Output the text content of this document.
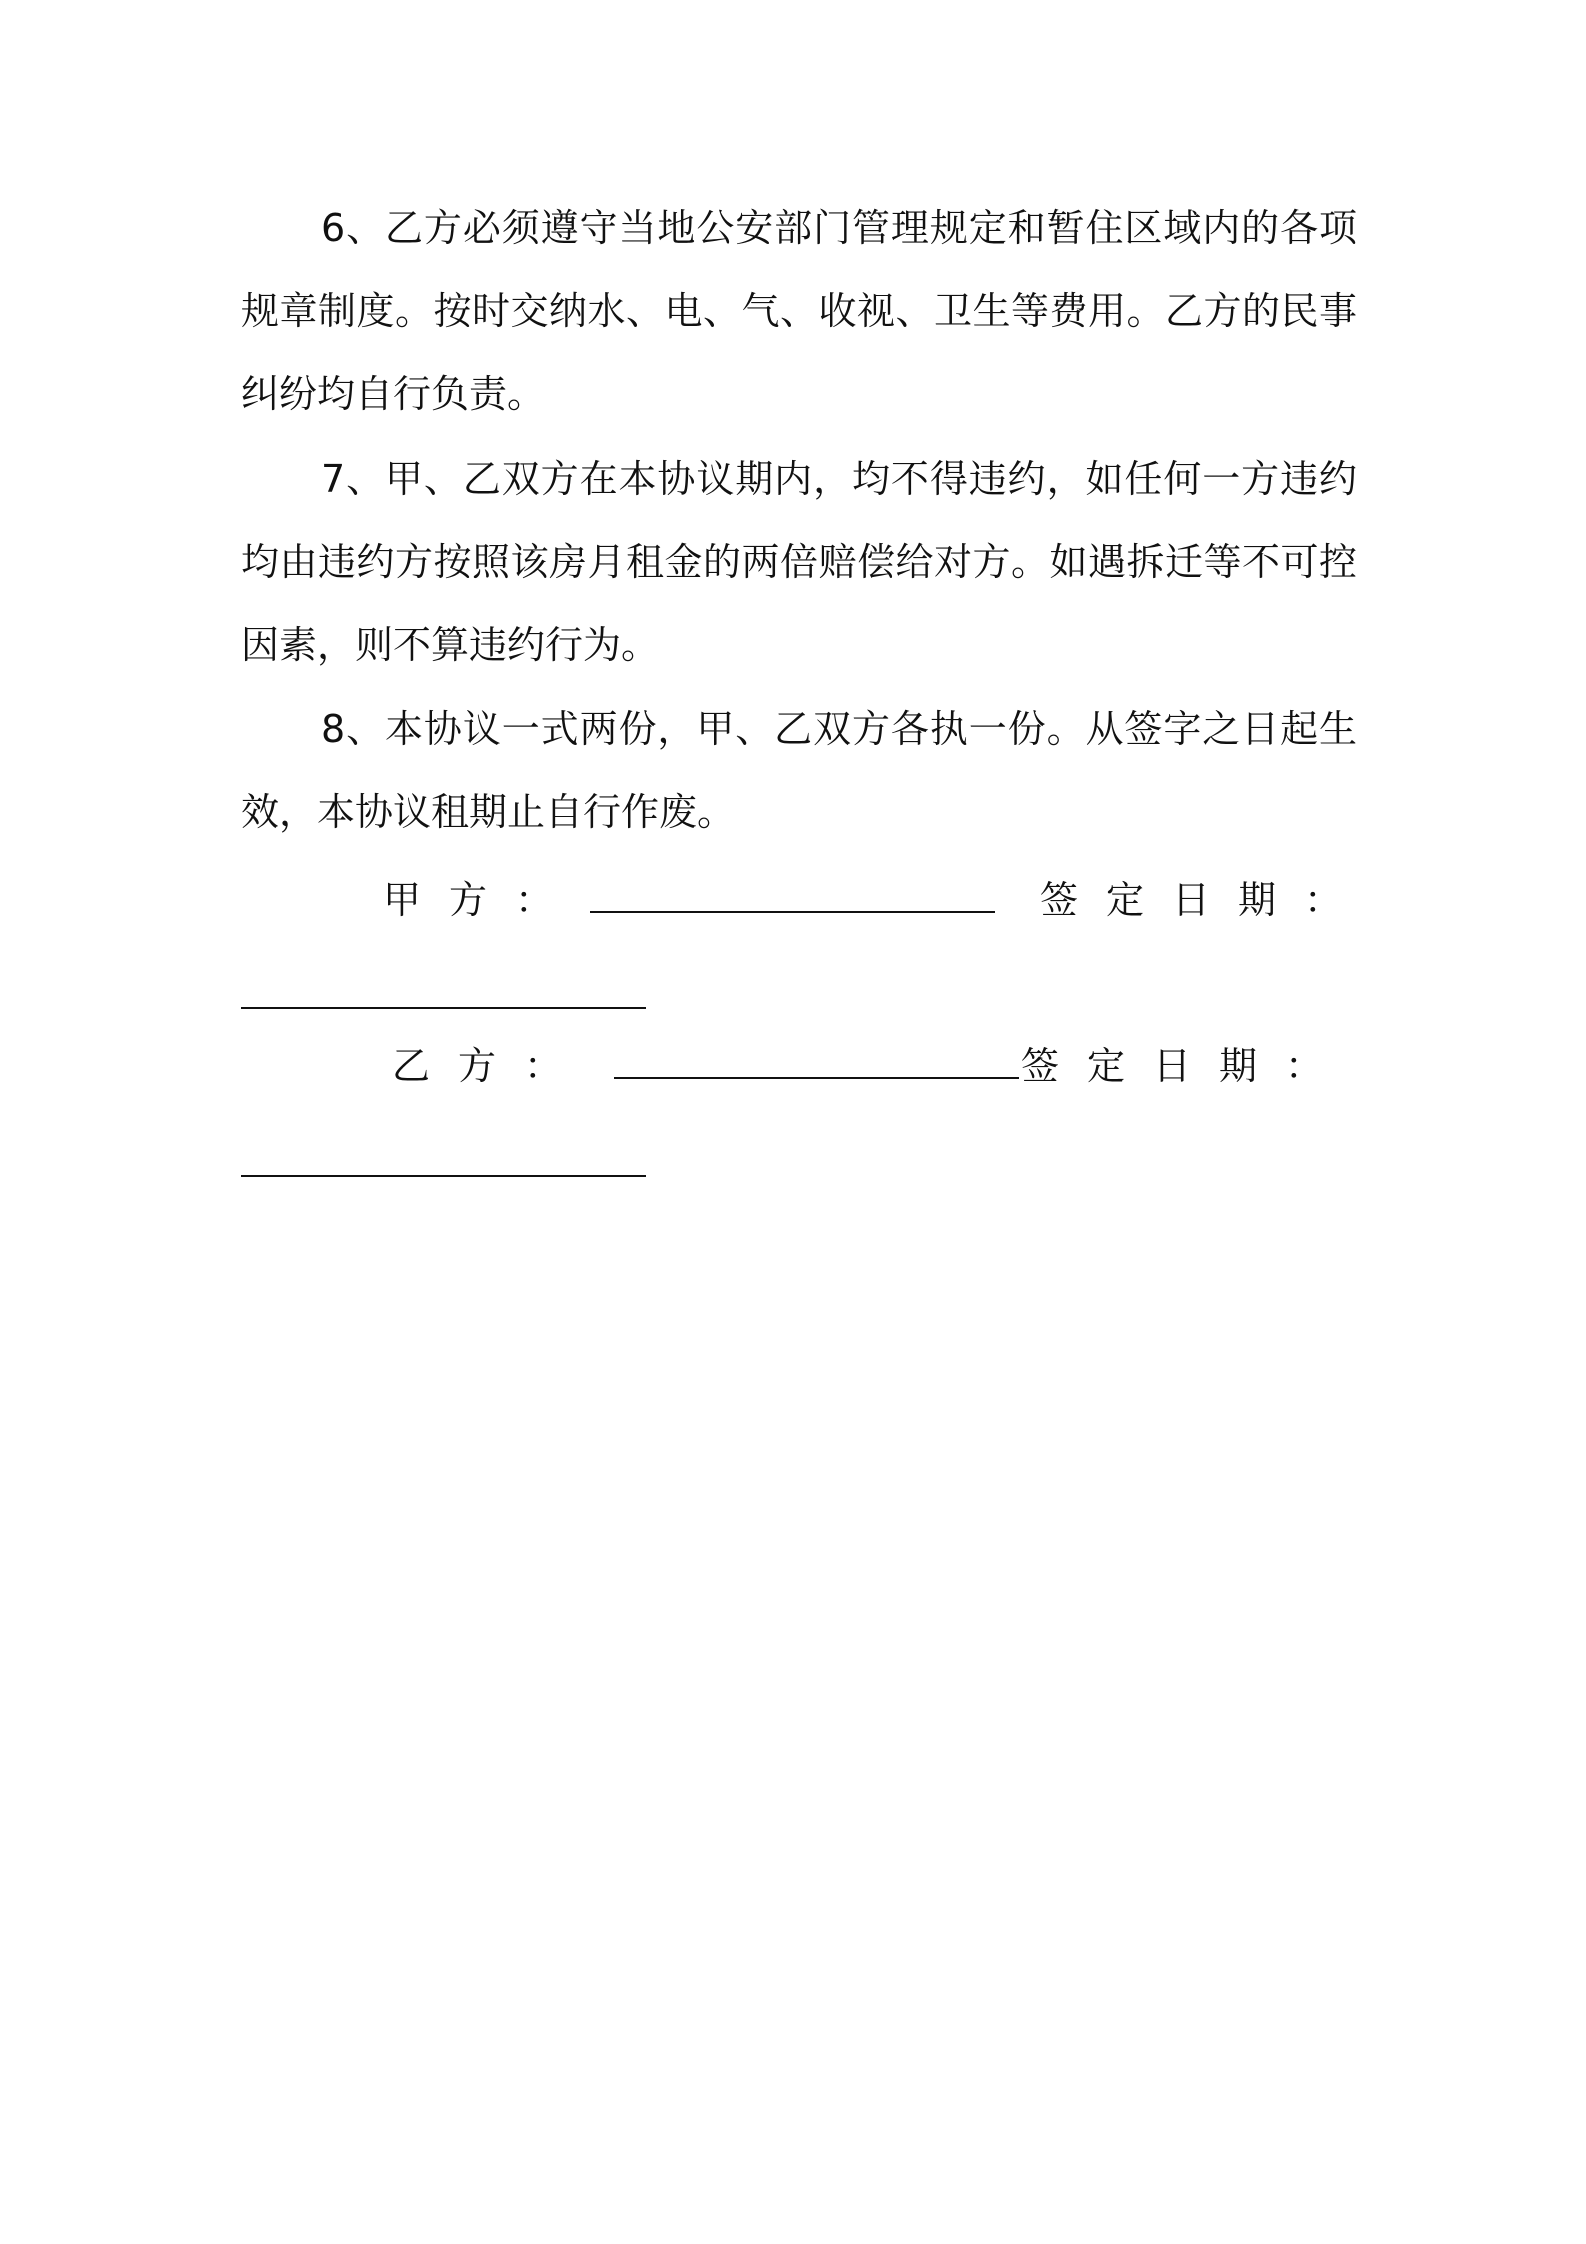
6、乙方必须遵守当地公安部门管理规定和暂住区域内的各项规章制度。按时交纳水、电、气、收视、卫生等费用。乙方的民事纠纷均自行负责。

7、甲、乙双方在本协议期内，均不得违约，如任何一方违约均由违约方按照该房月租金的两倍赔偿给对方。如遇拆迁等不可控因素，则不算违约行为。

8、本协议一式两份，甲、乙双方各执一份。从签字之日起生效，本协议租期止自行作废。

甲方：	签定日期：
乙方：	签定日期：
